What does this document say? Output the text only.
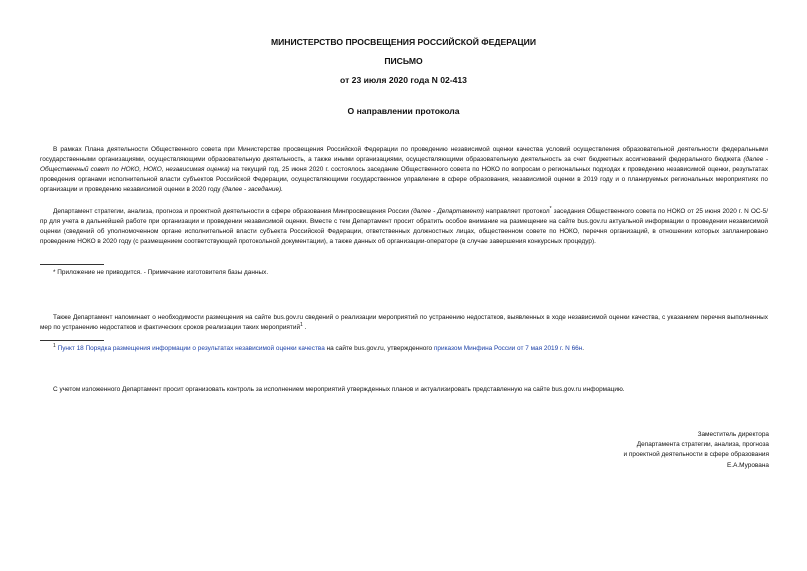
МИНИСТЕРСТВО ПРОСВЕЩЕНИЯ РОССИЙСКОЙ ФЕДЕРАЦИИ
ПИСЬМО
от 23 июля 2020 года N 02-413
О направлении протокола
В рамках Плана деятельности Общественного совета при Министерстве просвещения Российской Федерации по проведению независимой оценки качества условий осуществления образовательной деятельности федеральными государственными организациями, осуществляющими образовательную деятельность, а также иными организациями, осуществляющими образовательную деятельность за счет бюджетных ассигнований федерального бюджета (далее - Общественный совет по НОКО, НОКО, независимая оценка) на текущий год, 25 июня 2020 г. состоялось заседание Общественного совета по НОКО по вопросам о региональных подходах к проведению независимой оценки, результатах проведения органами исполнительной власти субъектов Российской Федерации, осуществляющими государственное управление в сфере образования, независимой оценки в 2019 году и о планируемых региональных мероприятиях по организации и проведению независимой оценки в 2020 году (далее - заседание).
Департамент стратегии, анализа, прогноза и проектной деятельности в сфере образования Минпросвещения России (далее - Департамент) направляет протокол* заседания Общественного совета по НОКО от 25 июня 2020 г. N ОС-5/пр для учета в дальнейшей работе при организации и проведении независимой оценки. Вместе с тем Департамент просит обратить особое внимание на размещение на сайте bus.gov.ru актуальной информации о проведении независимой оценки (сведений об уполномоченном органе исполнительной власти субъекта Российской Федерации, ответственных должностных лицах, общественном совете по НОКО, перечня организаций, в отношении которых запланировано проведение НОКО в 2020 году (с размещением соответствующей протокольной документации), а также данных об организации-операторе (в случае завершения конкурсных процедур).
* Приложение не приводится. - Примечание изготовителя базы данных.
Также Департамент напоминает о необходимости размещения на сайте bus.gov.ru сведений о реализации мероприятий по устранению недостатков, выявленных в ходе независимой оценки качества, с указанием перечня выполненных мер по устранению недостатков и фактических сроков реализации таких мероприятий$^1$ .
$^1$ Пункт 18 Порядка размещения информации о результатах независимой оценки качества на сайте bus.gov.ru, утвержденного приказом Минфина России от 7 мая 2019 г. N 66н.
С учетом изложенного Департамент просит организовать контроль за исполнением мероприятий утвержденных планов и актуализировать представленную на сайте bus.gov.ru информацию.
Заместитель директора
Департамента стратегии, анализа, прогноза
и проектной деятельности в сфере образования
Е.А.Мурована
